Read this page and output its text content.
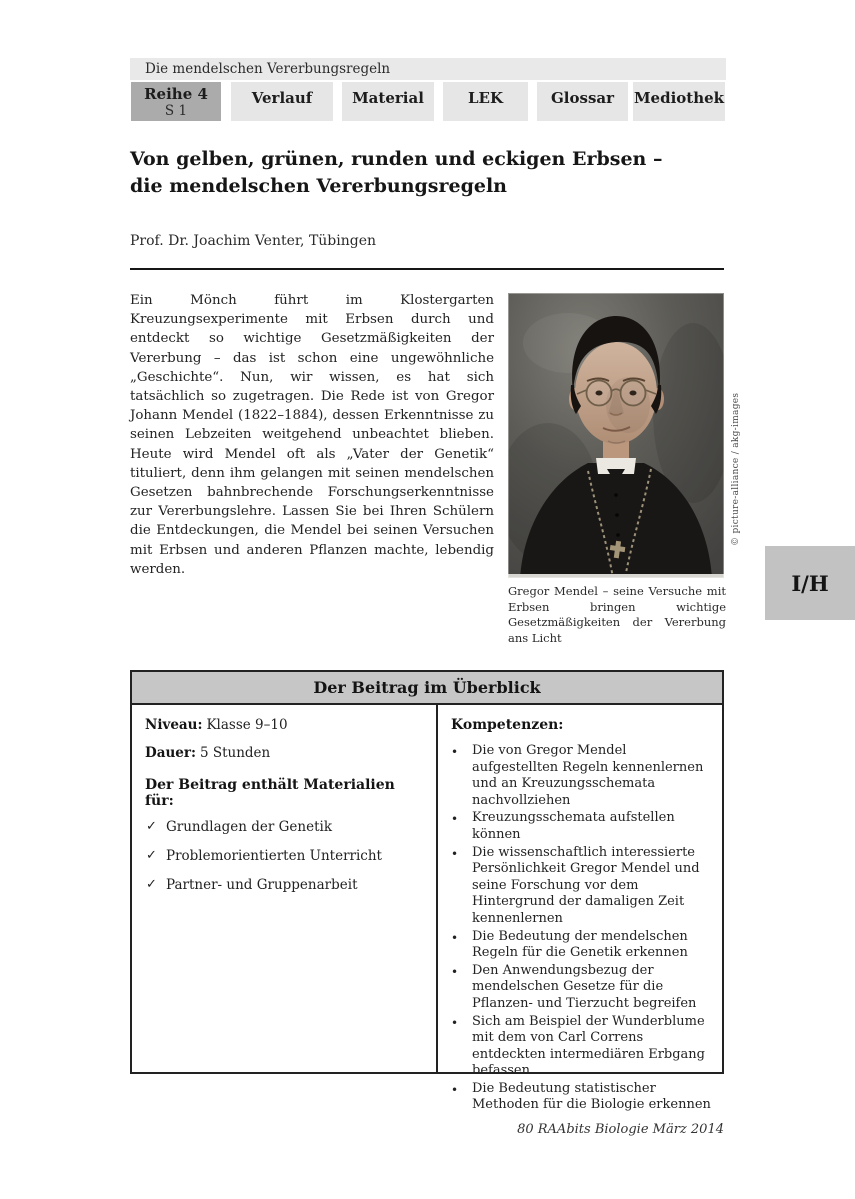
Die mendelschen Vererbungsregeln
Reihe 4
S 1
Verlauf	Material	LEK	Glossar	Mediothek
Von gelben, grünen, runden und eckigen Erbsen –
die mendelschen Vererbungsregeln
Prof. Dr. Joachim Venter, Tübingen
Ein Mönch führt im Klostergarten Kreuzungsexperimente mit Erbsen durch und entdeckt so wichtige Gesetzmäßigkeiten der Vererbung – das ist schon eine ungewöhnliche „Geschichte“. Nun, wir wissen, es hat sich tatsächlich so zugetragen. Die Rede ist von Gregor Johann Mendel (1822–1884), dessen Erkenntnisse zu seinen Lebzeiten weitgehend unbeachtet blieben. Heute wird Mendel oft als „Vater der Genetik“ tituliert, denn ihm gelangen mit seinen mendelschen Gesetzen bahnbrechende Forschungserkenntnisse zur Vererbungslehre. Lassen Sie bei Ihren Schülern die Entdeckungen, die Mendel bei seinen Versuchen mit Erbsen und anderen Pflanzen machte, lebendig werden.
Gregor Mendel – seine Versuche mit Erbsen bringen wichtige Gesetzmäßigkeiten der Vererbung ans Licht
© picture-alliance / akg-images
I/H
Der Beitrag im Überblick
Niveau: Klasse 9–10
Dauer: 5 Stunden
Der Beitrag enthält Materialien für:
✓ Grundlagen der Genetik
✓ Problemorientierten Unterricht
✓ Partner- und Gruppenarbeit
Kompetenzen:
•	Die von Gregor Mendel aufgestellten Regeln kennenlernen und an Kreuzungsschemata nachvollziehen
•	Kreuzungsschemata aufstellen können
•	Die wissenschaftlich interessierte Persönlichkeit Gregor Mendel und seine Forschung vor dem Hintergrund der damaligen Zeit kennenlernen
•	Die Bedeutung der mendelschen Regeln für die Genetik erkennen
•	Den Anwendungsbezug der mendelschen Gesetze für die Pflanzen- und Tierzucht begreifen
•	Sich am Beispiel der Wunderblume mit dem von Carl Correns entdeckten intermediären Erbgang befassen
•	Die Bedeutung statistischer Methoden für die Biologie erkennen
80 RAAbits Biologie März 2014
